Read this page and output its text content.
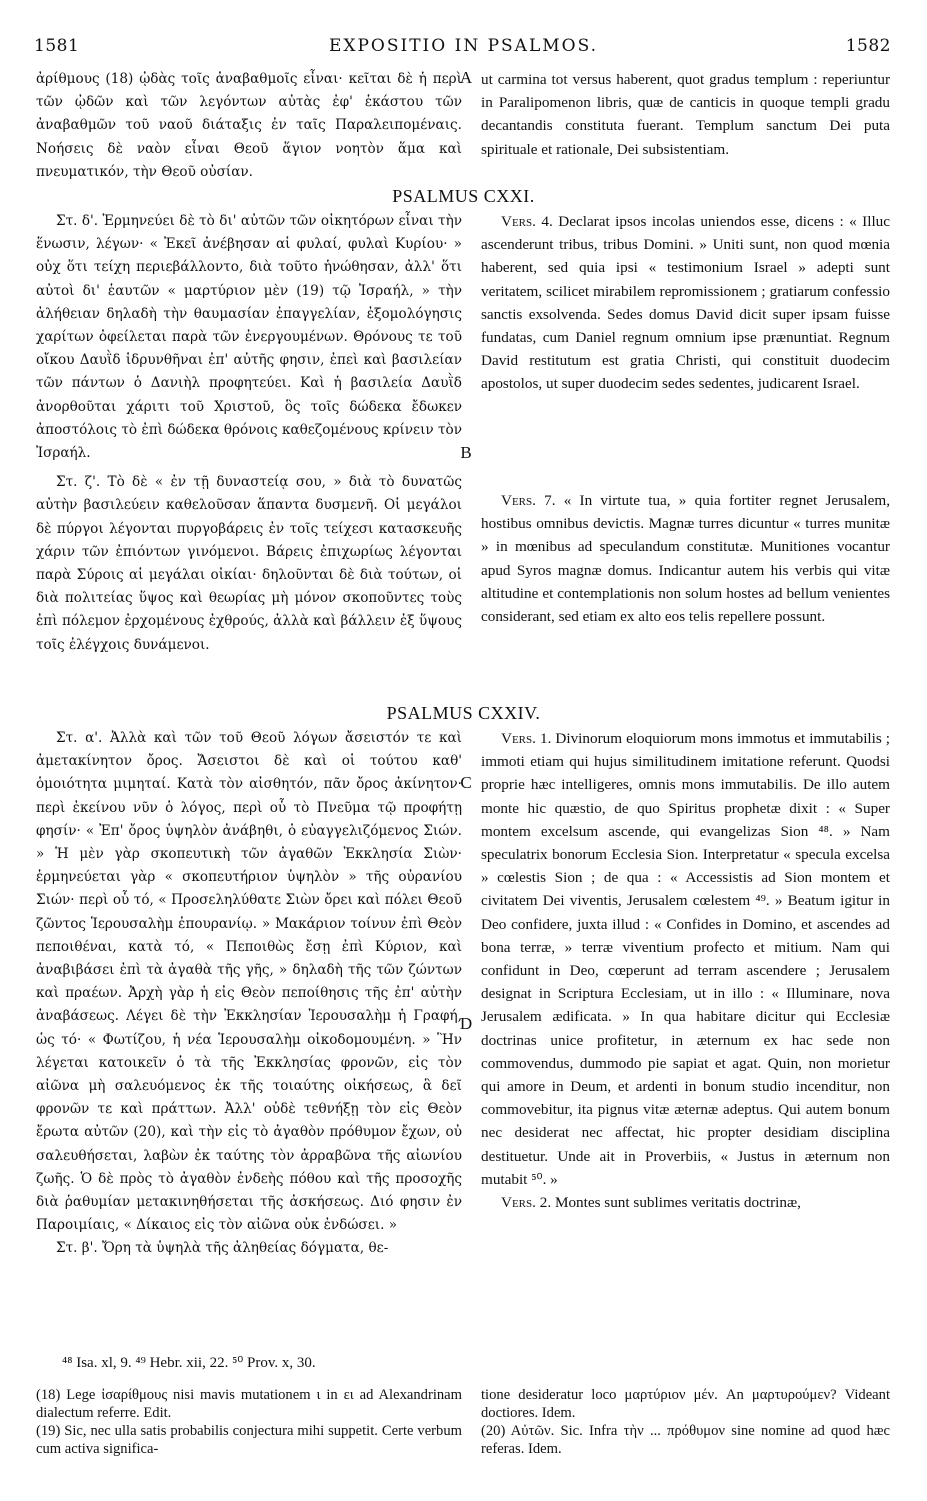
1581	EXPOSITIO IN PSALMOS.	1582

ἀρίθμους (18) ᾠδὰς τοῖς ἀναβαθμοῖς εἶναι· κεῖται δὲ ἡ περὶ τῶν ᾠδῶν καὶ τῶν λεγόντων αὐτὰς ἐφ' ἑκάστου τῶν ἀναβαθμῶν τοῦ ναοῦ διάταξις ἐν ταῖς Παραλειπομέναις. Νοήσεις δὲ ναὸν εἶναι Θεοῦ ἅγιον νοητὸν ἅμα καὶ πνευματικόν, τὴν Θεοῦ οὐσίαν.

A ut carmina tot versus haberent, quot gradus templum : reperiuntur in Paralipomenon libris, quæ de canticis in quoque templi gradu decantandis constituta fuerant. Templum sanctum Dei puta spirituale et rationale, Dei subsistentiam.

PSALMUS CXXI.

Στ. δ'. Ἑρμηνεύει δὲ τὸ δι' αὐτῶν τῶν οἰκητόρων εἶναι τὴν ἕνωσιν, λέγων· « Ἐκεῖ ἀνέβησαν αἱ φυλαί, φυλαὶ Κυρίου· » οὐχ ὅτι τείχη περιεβάλλοντο, διὰ τοῦτο ἡνώθησαν, ἀλλ' ὅτι αὐτοὶ δι' ἑαυτῶν « μαρτύριον μὲν (19) τῷ Ἰσραήλ, » τὴν ἀλήθειαν δηλαδὴ τὴν θαυμασίαν ἐπαγγελίαν, ἐξομολόγησις χαρίτων ὀφείλεται παρὰ τῶν ἐνεργουμένων. Θρόνους τε τοῦ οἴκου Δαυῒδ ἱδρυνθῆναι ἐπ' αὐτῆς φησιν, ἐπεὶ καὶ βασιλείαν τῶν πάντων ὁ Δανιὴλ προφητεύει. Καὶ ἡ βασιλεία Δαυῒδ ἀνορθοῦται χάριτι τοῦ Χριστοῦ, ὃς τοῖς δώδεκα ἔδωκεν ἀποστόλοις τὸ ἐπὶ δώδεκα θρόνοις καθεζομένους κρίνειν τὸν Ἰσραήλ.

Στ. ζ'. Τὸ δὲ « ἐν τῇ δυναστείᾳ σου, » διὰ τὸ δυνατῶς αὐτὴν βασιλεύειν καθελοῦσαν ἅπαντα δυσμενῆ. Οἱ μεγάλοι δὲ πύργοι λέγονται πυργοβάρεις ἐν τοῖς τείχεσι κατασκευῆς χάριν τῶν ἐπιόντων γινόμενοι. Βάρεις ἐπιχωρίως λέγονται παρὰ Σύροις αἱ μεγάλαι οἰκίαι· δηλοῦνται δὲ διὰ τούτων, οἱ διὰ πολιτείας ὕψος καὶ θεωρίας μὴ μόνον σκοποῦντες τοὺς ἐπὶ πόλεμον ἐρχομένους ἐχθρούς, ἀλλὰ καὶ βάλλειν ἐξ ὕψους τοῖς ἐλέγχοις δυνάμενοι.

B

Vers. 4. Declarat ipsos incolas uniendos esse, dicens : « Illuc ascenderunt tribus, tribus Domini. » Uniti sunt, non quod mœnia haberent, sed quia ipsi « testimonium Israel » adepti sunt veritatem, scilicet mirabilem repromissionem ; gratiarum confessio sanctis exsolvenda. Sedes domus David dicit super ipsam fuisse fundatas, cum Daniel regnum omnium ipse prænuntiat. Regnum David restitutum est gratia Christi, qui constituit duodecim apostolos, ut super duodecim sedes sedentes, judicarent Israel.

Vers. 7. « In virtute tua, » quia fortiter regnet Jerusalem, hostibus omnibus devictis. Magnæ turres dicuntur « turres munitæ » in mœnibus ad speculandum constitutæ. Munitiones vocantur apud Syros magnæ domus. Indicantur autem his verbis qui vitæ altitudine et contemplationis non solum hostes ad bellum venientes considerant, sed etiam ex alto eos telis repellere possunt.

PSALMUS CXXIV.

Στ. α'. Ἀλλὰ καὶ τῶν τοῦ Θεοῦ λόγων ἄσειστόν τε καὶ ἀμετακίνητον ὄρος. Ἄσειστοι δὲ καὶ οἱ τούτου καθ' ὁμοιότητα μιμηταί. Κατὰ τὸν αἰσθητόν, πᾶν ὄρος ἀκίνητον· περὶ ἐκείνου νῦν ὁ λόγος, περὶ οὗ τὸ Πνεῦμα τῷ προφήτῃ φησίν· « Ἐπ' ὄρος ὑψηλὸν ἀνάβηθι, ὁ εὐαγγελιζόμενος Σιών. » Ἡ μὲν γὰρ σκοπευτικὴ τῶν ἀγαθῶν Ἐκκλησία Σιὼν· ἑρμηνεύεται γὰρ « σκοπευτήριον ὑψηλὸν » τῆς οὐρανίου Σιών· περὶ οὗ τό, « Προσεληλύθατε Σιὼν ὄρει καὶ πόλει Θεοῦ ζῶντος Ἱερουσαλὴμ ἐπουρανίῳ. » Μακάριον τοίνυν ἐπὶ Θεὸν πεποιθέναι, κατὰ τό, « Πεποιθὼς ἔσῃ ἐπὶ Κύριον, καὶ ἀναβιβάσει ἐπὶ τὰ ἀγαθὰ τῆς γῆς, » δηλαδὴ τῆς τῶν ζώντων καὶ πραέων. Ἀρχὴ γὰρ ἡ εἰς Θεὸν πεποίθησις τῆς ἐπ' αὐτὴν ἀναβάσεως. Λέγει δὲ τὴν Ἐκκλησίαν Ἱερουσαλὴμ ἡ Γραφή, ὡς τό· « Φωτίζου, ἡ νέα Ἱερουσαλὴμ οἰκοδομουμένη. » Ἣν λέγεται κατοικεῖν ὁ τὰ τῆς Ἐκκλησίας φρονῶν, εἰς τὸν αἰῶνα μὴ σαλευόμενος ἐκ τῆς τοιαύτης οἰκήσεως, ἃ δεῖ φρονῶν τε καὶ πράττων. Ἀλλ' οὐδὲ τεθνήξῃ τὸν εἰς Θεὸν ἔρωτα αὐτῶν (20), καὶ τὴν εἰς τὸ ἀγαθὸν πρόθυμον ἔχων, οὐ σαλευθήσεται, λαβὼν ἐκ ταύτης τὸν ἀρραβῶνα τῆς αἰωνίου ζωῆς. Ὁ δὲ πρὸς τὸ ἀγαθὸν ἐνδεὴς πόθου καὶ τῆς προσοχῆς διὰ ῥαθυμίαν μετακινηθήσεται τῆς ἀσκήσεως. Διό φησιν ἐν Παροιμίαις, « Δίκαιος εἰς τὸν αἰῶνα οὐκ ἐνδώσει. »

Στ. β'. Ὄρη τὰ ὑψηλὰ τῆς ἀληθείας δόγματα, θε-

C
D

Vers. 1. Divinorum eloquiorum mons immotus et immutabilis ; immoti etiam qui hujus similitudinem imitatione referunt. Quodsi proprie hæc intelligeres, omnis mons immutabilis. De illo autem monte hic quæstio, de quo Spiritus prophetæ dixit : « Super montem excelsum ascende, qui evangelizas Sion ⁴⁸. » Nam speculatrix bonorum Ecclesia Sion. Interpretatur « specula excelsa » cœlestis Sion ; de qua : « Accessistis ad Sion montem et civitatem Dei viventis, Jerusalem cœlestem ⁴⁹. » Beatum igitur in Deo confidere, juxta illud : « Confides in Domino, et ascendes ad bona terræ, » terræ viventium profecto et mitium. Nam qui confidunt in Deo, cœperunt ad terram ascendere ; Jerusalem designat in Scriptura Ecclesiam, ut in illo : « Illuminare, nova Jerusalem ædificata. » In qua habitare dicitur qui Ecclesiæ doctrinas unice profitetur, in æternum ex hac sede non commovendus, dummodo pie sapiat et agat. Quin, non morietur qui amore in Deum, et ardenti in bonum studio incenditur, non commovebitur, ita pignus vitæ æternæ adeptus. Qui autem bonum nec desiderat nec affectat, hic propter desidiam disciplina destituetur. Unde ait in Proverbiis, « Justus in æternum non mutabit ⁵⁰. »

Vers. 2. Montes sunt sublimes veritatis doctrinæ,

⁴⁸ Isa. xl, 9. ⁴⁹ Hebr. xii, 22. ⁵⁰ Prov. x, 30.

(18) Lege ἰσαρίθμους nisi mavis mutationem ι in ει ad Alexandrinam dialectum referre. Edit.

(19) Sic, nec ulla satis probabilis conjectura mihi suppetit. Certe verbum cum activa significa-

tione desideratur loco μαρτύριον μέν. An μαρτυρούμεν? Videant doctiores. Idem.

(20) Αὐτῶν. Sic. Infra τὴν ... πρόθυμον sine nomine ad quod hæc referas. Idem.
